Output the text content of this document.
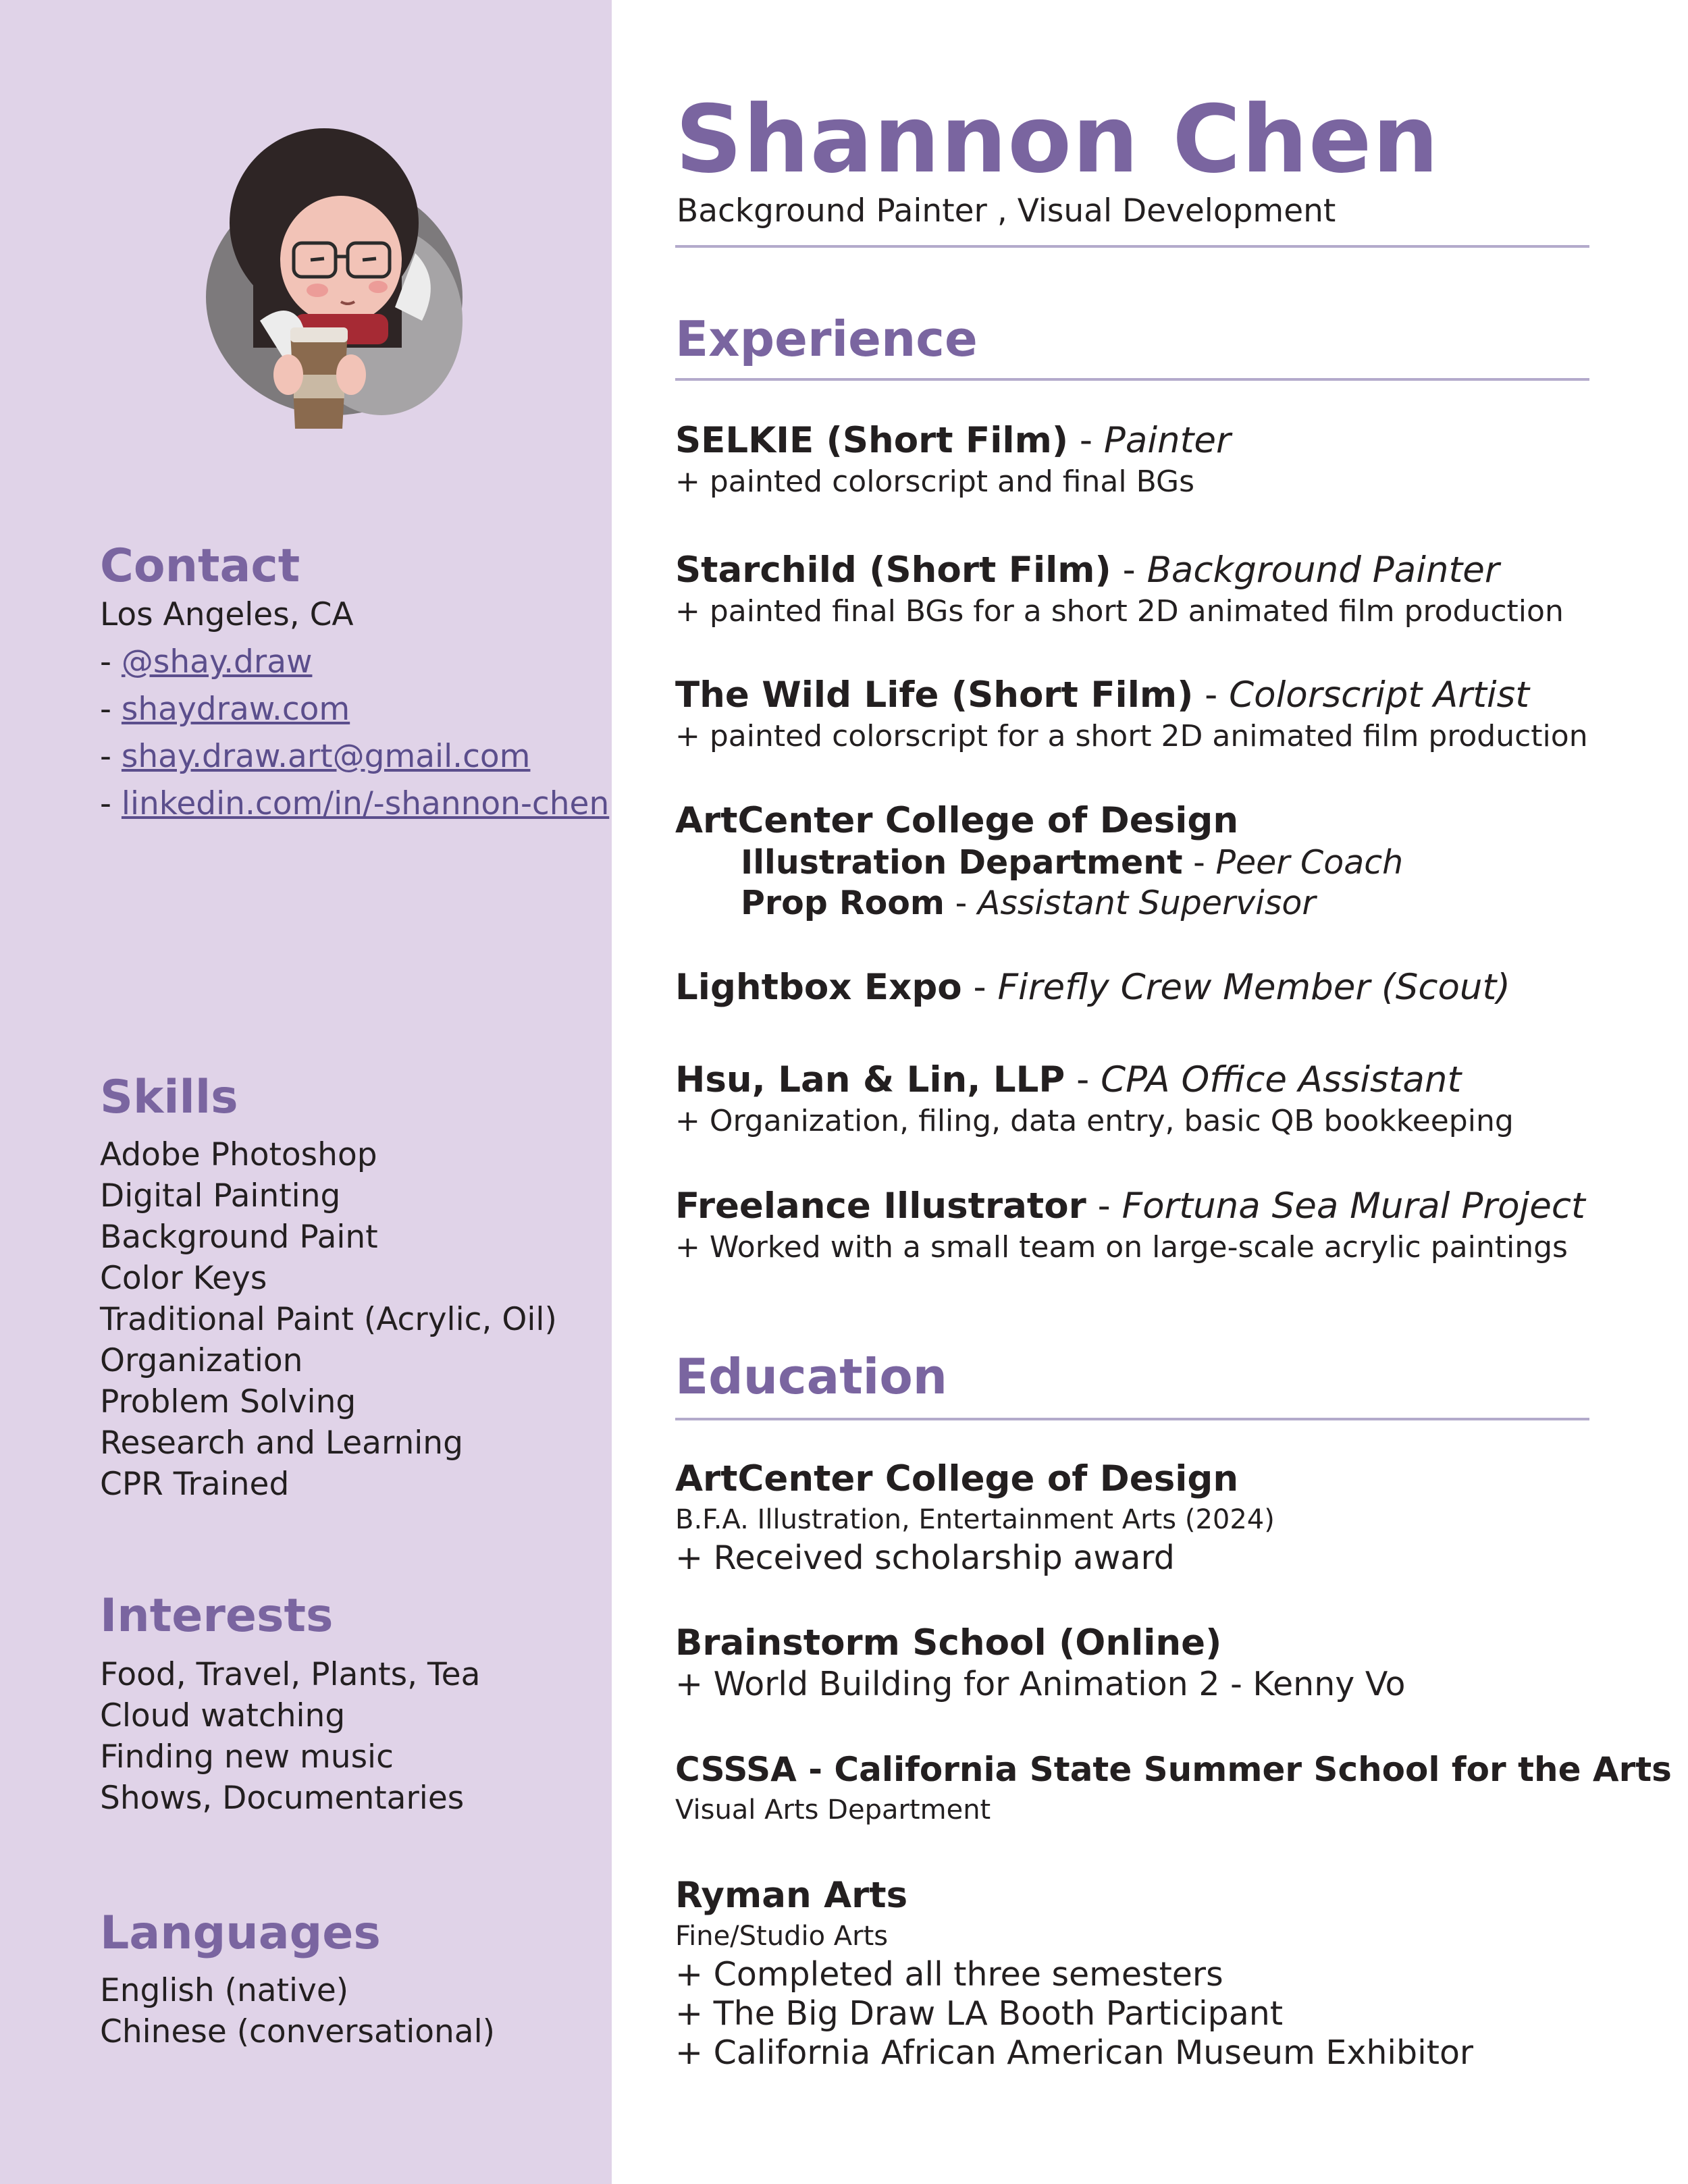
Contact
Los Angeles, CA
- @shay.draw
- shaydraw.com
- shay.draw.art@gmail.com
- linkedin.com/in/-shannon-chen
Skills
Adobe Photoshop
Digital Painting
Background Paint
Color Keys
Traditional Paint (Acrylic, Oil)
Organization
Problem Solving
Research and Learning
CPR Trained
Interests
Food, Travel, Plants, Tea
Cloud watching
Finding new music
Shows, Documentaries
Languages
English (native)
Chinese (conversational)
Shannon Chen
Background Painter , Visual Development
Experience
SELKIE (Short Film) - Painter
+ painted colorscript and final BGs
Starchild (Short Film) - Background Painter
+ painted final BGs for a short 2D animated film production
The Wild Life (Short Film) - Colorscript Artist
+ painted colorscript for a short 2D animated film production
ArtCenter College of Design
Illustration Department - Peer Coach
Prop Room - Assistant Supervisor
Lightbox Expo - Firefly Crew Member (Scout)
Hsu, Lan & Lin, LLP - CPA Office Assistant
+ Organization, filing, data entry, basic QB bookkeeping
Freelance Illustrator - Fortuna Sea Mural Project
+ Worked with a small team on large-scale acrylic paintings
Education
ArtCenter College of Design
B.F.A. Illustration, Entertainment Arts (2024)
+ Received scholarship award
Brainstorm School (Online)
+ World Building for Animation 2 - Kenny Vo
CSSSA - California State Summer School for the Arts
Visual Arts Department
Ryman Arts
Fine/Studio Arts
+ Completed all three semesters
+ The Big Draw LA Booth Participant
+ California African American Museum Exhibitor
